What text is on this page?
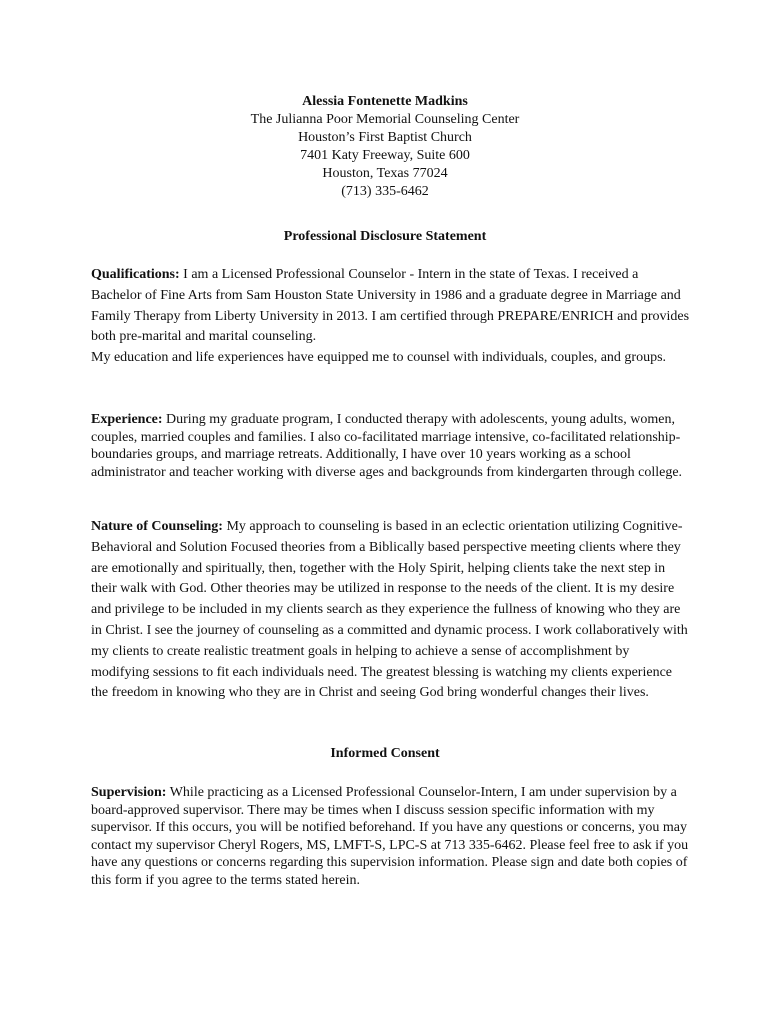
Alessia Fontenette Madkins
The Julianna Poor Memorial Counseling Center
Houston’s First Baptist Church
7401 Katy Freeway, Suite 600
Houston, Texas 77024
(713) 335-6462
Professional Disclosure Statement

Qualifications: I am a Licensed Professional Counselor - Intern in the state of Texas. I received a Bachelor of Fine Arts from Sam Houston State University in 1986 and a graduate degree in Marriage and Family Therapy from Liberty University in 2013. I am certified through PREPARE/ENRICH and provides both pre-marital and marital counseling.
My education and life experiences have equipped me to counsel with individuals, couples, and groups.

Experience: During my graduate program, I conducted therapy with adolescents, young adults, women, couples, married couples and families. I also co-facilitated marriage intensive, co-facilitated relationship-boundaries groups, and marriage retreats. Additionally, I have over 10 years working as a school administrator and teacher working with diverse ages and backgrounds from kindergarten through college.

Nature of Counseling: My approach to counseling is based in an eclectic orientation utilizing Cognitive-Behavioral and Solution Focused theories from a Biblically based perspective meeting clients where they are emotionally and spiritually, then, together with the Holy Spirit, helping clients take the next step in their walk with God. Other theories may be utilized in response to the needs of the client. It is my desire and privilege to be included in my clients search as they experience the fullness of knowing who they are in Christ. I see the journey of counseling as a committed and dynamic process. I work collaboratively with my clients to create realistic treatment goals in helping to achieve a sense of accomplishment by modifying sessions to fit each individuals need. The greatest blessing is watching my clients experience the freedom in knowing who they are in Christ and seeing God bring wonderful changes their lives.

Informed Consent

Supervision: While practicing as a Licensed Professional Counselor-Intern, I am under supervision by a board-approved supervisor. There may be times when I discuss session specific information with my supervisor. If this occurs, you will be notified beforehand. If you have any questions or concerns, you may contact my supervisor Cheryl Rogers, MS, LMFT-S, LPC-S at 713 335-6462. Please feel free to ask if you have any questions or concerns regarding this supervision information. Please sign and date both copies of this form if you agree to the terms stated herein.
